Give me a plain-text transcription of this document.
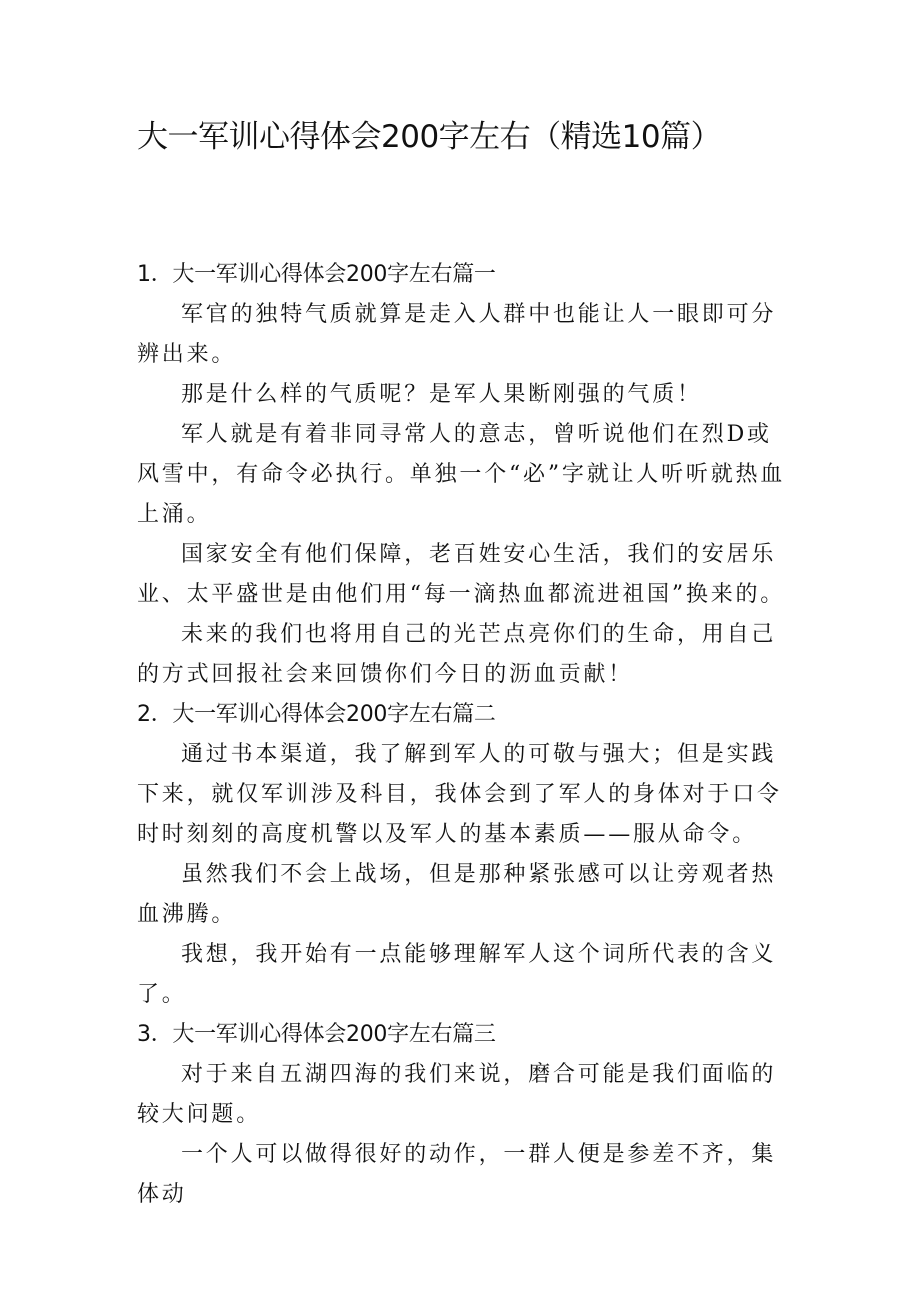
大一军训心得体会200字左右（精选10篇）
1．大一军训心得体会200字左右篇一

军官的独特气质就算是走入人群中也能让人一眼即可分辨出来。

那是什么样的气质呢？是军人果断刚强的气质！

军人就是有着非同寻常人的意志，曾听说他们在烈D或风雪中，有命令必执行。单独一个“必”字就让人听听就热血上涌。

国家安全有他们保障，老百姓安心生活，我们的安居乐业、太平盛世是由他们用“每一滴热血都流进祖国”换来的。

未来的我们也将用自己的光芒点亮你们的生命，用自己的方式回报社会来回馈你们今日的沥血贡献！

2．大一军训心得体会200字左右篇二

通过书本渠道，我了解到军人的可敬与强大；但是实践下来，就仅军训涉及科目，我体会到了军人的身体对于口令时时刻刻的高度机警以及军人的基本素质——服从命令。

虽然我们不会上战场，但是那种紧张感可以让旁观者热血沸腾。

我想，我开始有一点能够理解军人这个词所代表的含义了。

3．大一军训心得体会200字左右篇三

对于来自五湖四海的我们来说，磨合可能是我们面临的较大问题。

一个人可以做得很好的动作，一群人便是参差不齐，集体动
